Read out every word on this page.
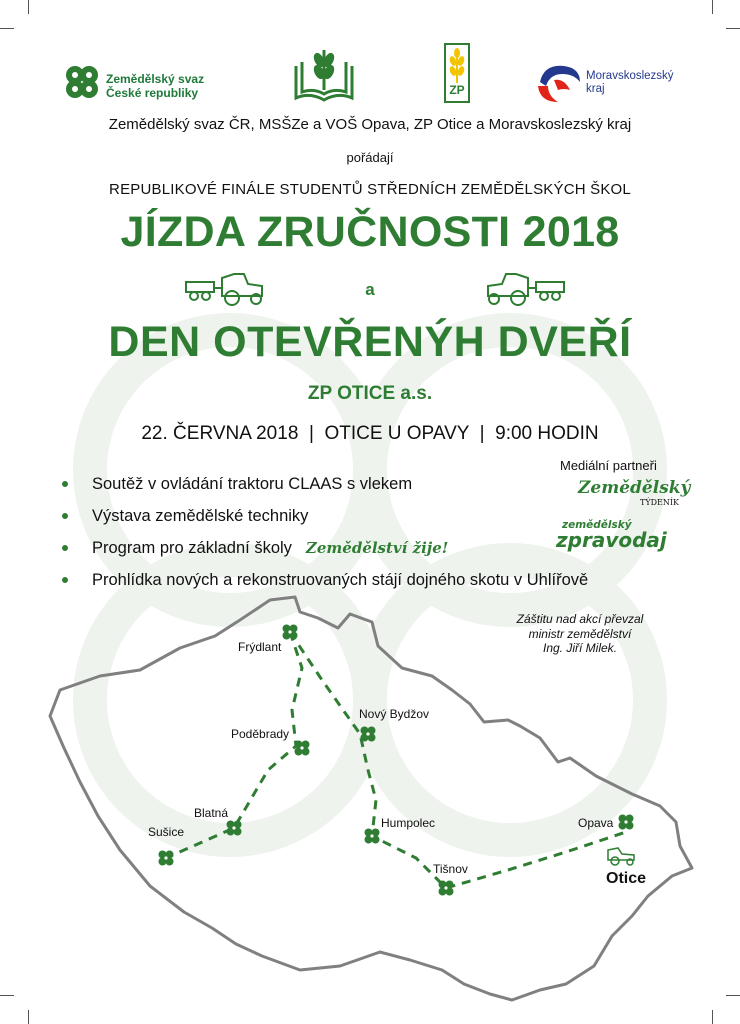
Zemědělský svaz
České republiky	ZP
Moravskoslezský
kraj
Zemědělský svaz ČR, MSŠZe a VOŠ Opava, ZP Otice a Moravskoslezský kraj
pořádají
REPUBLIKOVÉ FINÁLE STUDENTŮ STŘEDNÍCH ZEMĚDĚLSKÝCH ŠKOL
JÍZDA ZRUČNOSTI 2018
a
DEN OTEVŘENÝH DVEŘÍ
ZP OTICE a.s.
22. ČERVNA 2018  |  OTICE U OPAVY  |  9:00 HODIN
Soutěž v ovládání traktoru CLAAS s vlekem
Výstava zemědělské techniky
Program pro základní školy Zemědělství žije!
Prohlídka nových a rekonstruovaných stájí dojného skotu v Uhlířově
Mediální partneři
Zemědělský
TÝDENÍK
zemědělský
zpravodaj
Záštitu nad akcí převzal
ministr zemědělství
Ing. Jiří Milek.
Frýdlant
Poděbrady
Nový Bydžov
Blatná
Sušice
Humpolec
Tišnov
Opava
Otice
